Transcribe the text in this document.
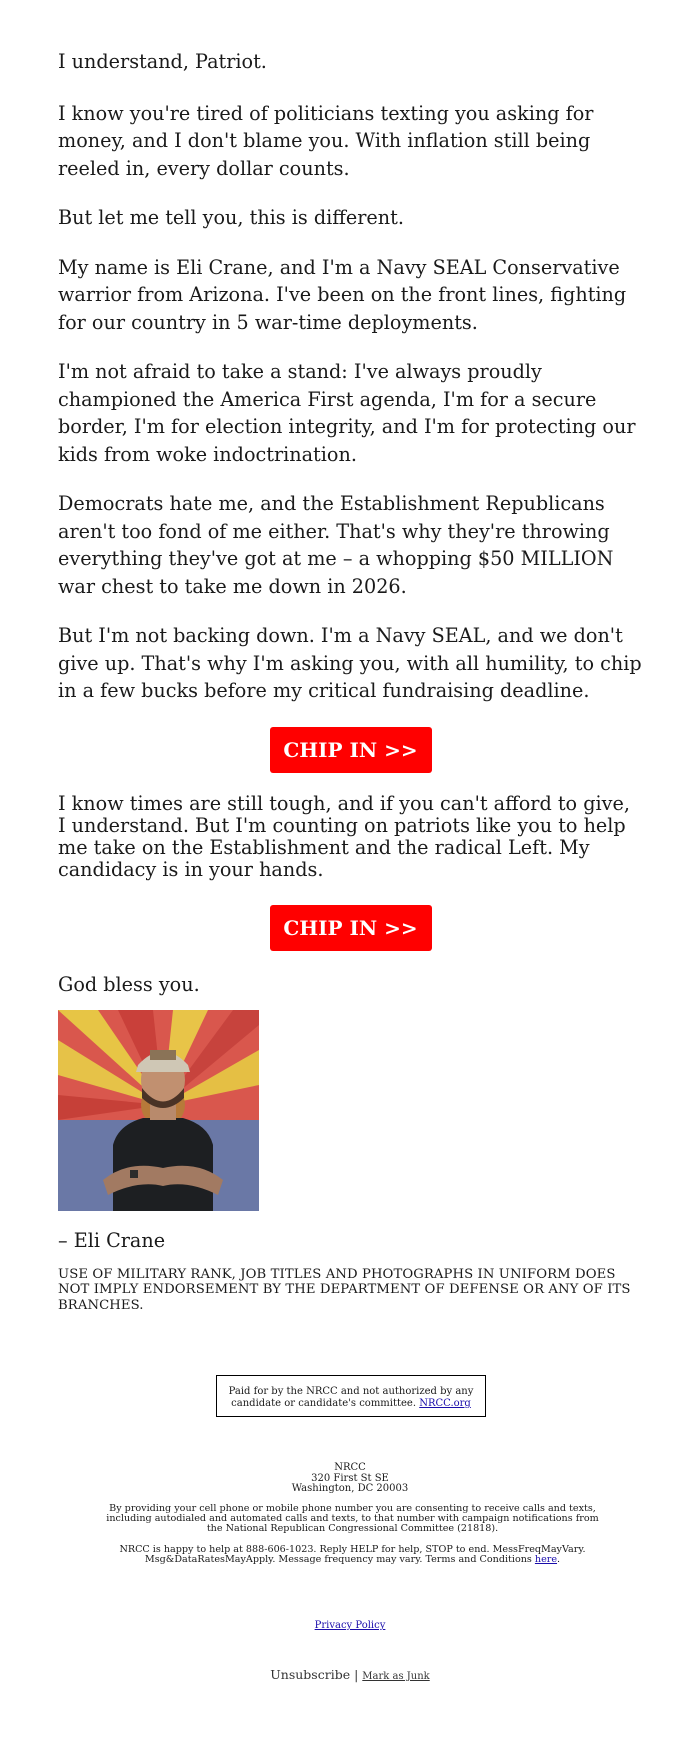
I understand, Patriot.

I know you're tired of politicians texting you asking for money, and I don't blame you. With inflation still being reeled in, every dollar counts.

But let me tell you, this is different.

My name is Eli Crane, and I'm a Navy SEAL Conservative warrior from Arizona. I've been on the front lines, fighting for our country in 5 war-time deployments.

I'm not afraid to take a stand: I've always proudly championed the America First agenda, I'm for a secure border, I'm for election integrity, and I'm for protecting our kids from woke indoctrination.

Democrats hate me, and the Establishment Republicans aren't too fond of me either. That's why they're throwing everything they've got at me – a whopping $50 MILLION war chest to take me down in 2026.

But I'm not backing down. I'm a Navy SEAL, and we don't give up. That's why I'm asking you, with all humility, to chip in a few bucks before my critical fundraising deadline.

CHIP IN >>

I know times are still tough, and if you can't afford to give, I understand. But I'm counting on patriots like you to help me take on the Establishment and the radical Left. My candidacy is in your hands.

CHIP IN >>

God bless you.

– Eli Crane

USE OF MILITARY RANK, JOB TITLES AND PHOTOGRAPHS IN UNIFORM DOES NOT IMPLY ENDORSEMENT BY THE DEPARTMENT OF DEFENSE OR ANY OF ITS BRANCHES.

Paid for by the NRCC and not authorized by any candidate or candidate's committee. NRCC.org
NRCC
320 First St SE
Washington, DC 20003
By providing your cell phone or mobile phone number you are consenting to receive calls and texts, including autodialed and automated calls and texts, to that number with campaign notifications from the National Republican Congressional Committee (21818).
NRCC is happy to help at 888-606-1023. Reply HELP for help, STOP to end. MessFreqMayVary. Msg&DataRatesMayApply. Message frequency may vary. Terms and Conditions here.
Privacy Policy
Unsubscribe | Mark as Junk
